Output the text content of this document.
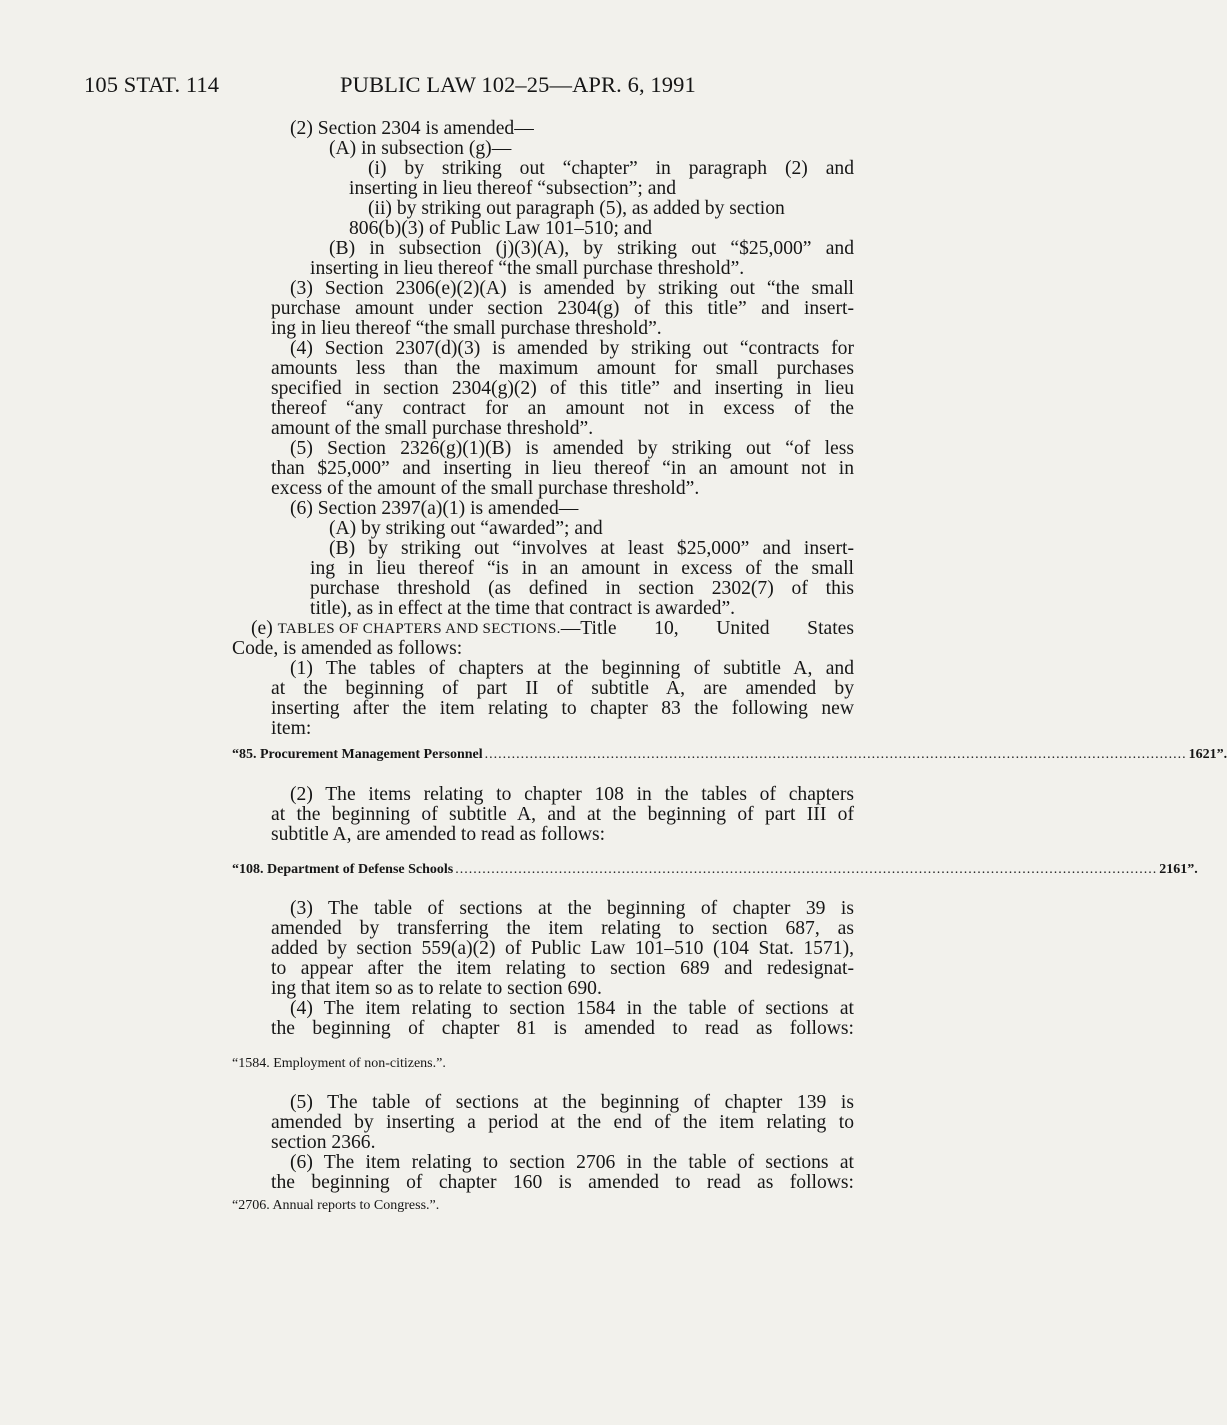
105 STAT. 114	PUBLIC LAW 102–25—APR. 6, 1991
(2) Section 2304 is amended—
(A) in subsection (g)—
(i) by striking out “chapter” in paragraph (2) and
inserting in lieu thereof “subsection”; and
(ii) by striking out paragraph (5), as added by section
806(b)(3) of Public Law 101–510; and
(B) in subsection (j)(3)(A), by striking out “$25,000” and
inserting in lieu thereof “the small purchase threshold”.
(3) Section 2306(e)(2)(A) is amended by striking out “the small
purchase amount under section 2304(g) of this title” and insert-
ing in lieu thereof “the small purchase threshold”.
(4) Section 2307(d)(3) is amended by striking out “contracts for
amounts less than the maximum amount for small purchases
specified in section 2304(g)(2) of this title” and inserting in lieu
thereof “any contract for an amount not in excess of the
amount of the small purchase threshold”.
(5) Section 2326(g)(1)(B) is amended by striking out “of less
than $25,000” and inserting in lieu thereof “in an amount not in
excess of the amount of the small purchase threshold”.
(6) Section 2397(a)(1) is amended—
(A) by striking out “awarded”; and
(B) by striking out “involves at least $25,000” and insert-
ing in lieu thereof “is in an amount in excess of the small
purchase threshold (as defined in section 2302(7) of this
title), as in effect at the time that contract is awarded”.
(e) TABLES OF CHAPTERS AND SECTIONS. —Title 10, United States
Code, is amended as follows:
(1) The tables of chapters at the beginning of subtitle A, and
at the beginning of part II of subtitle A, are amended by
inserting after the item relating to chapter 83 the following new
item:
“85. Procurement Management Personnel ............................................................................................................................................................ 1621”.
(2) The items relating to chapter 108 in the tables of chapters
at the beginning of subtitle A, and at the beginning of part III of
subtitle A, are amended to read as follows:
“108. Department of Defense Schools ............................................................................................................................................................ 2161”.
(3) The table of sections at the beginning of chapter 39 is
amended by transferring the item relating to section 687, as
added by section 559(a)(2) of Public Law 101–510 (104 Stat. 1571),
to appear after the item relating to section 689 and redesignat-
ing that item so as to relate to section 690.
(4) The item relating to section 1584 in the table of sections at
the beginning of chapter 81 is amended to read as follows:
“1584. Employment of non-citizens.”.
(5) The table of sections at the beginning of chapter 139 is
amended by inserting a period at the end of the item relating to
section 2366.
(6) The item relating to section 2706 in the table of sections at
the beginning of chapter 160 is amended to read as follows:
“2706. Annual reports to Congress.”.
